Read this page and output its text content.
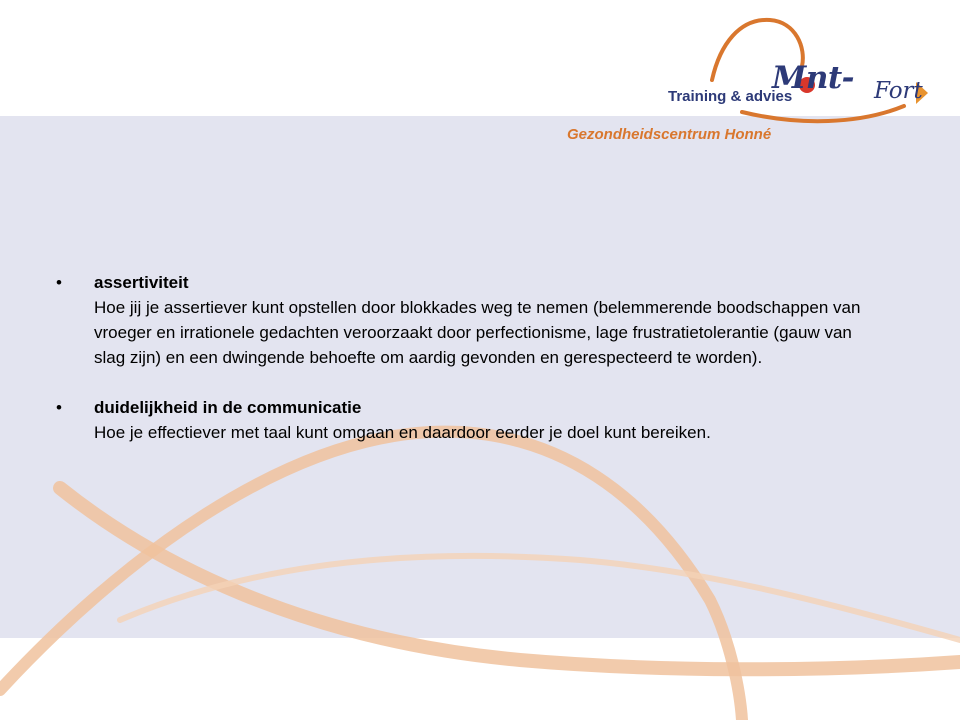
Training & advies
Mnt- Fort
Gezondheidscentrum Honné
• assertiviteit
Hoe jij je assertiever kunt opstellen door blokkades weg te nemen (belemmerende boodschappen van vroeger en irrationele gedachten veroorzaakt door perfectionisme, lage frustratietolerantie (gauw van slag zijn) en een dwingende behoefte om aardig gevonden en gerespecteerd te worden).
• duidelijkheid in de communicatie
Hoe je effectiever met taal kunt omgaan en daardoor eerder je doel kunt bereiken.
